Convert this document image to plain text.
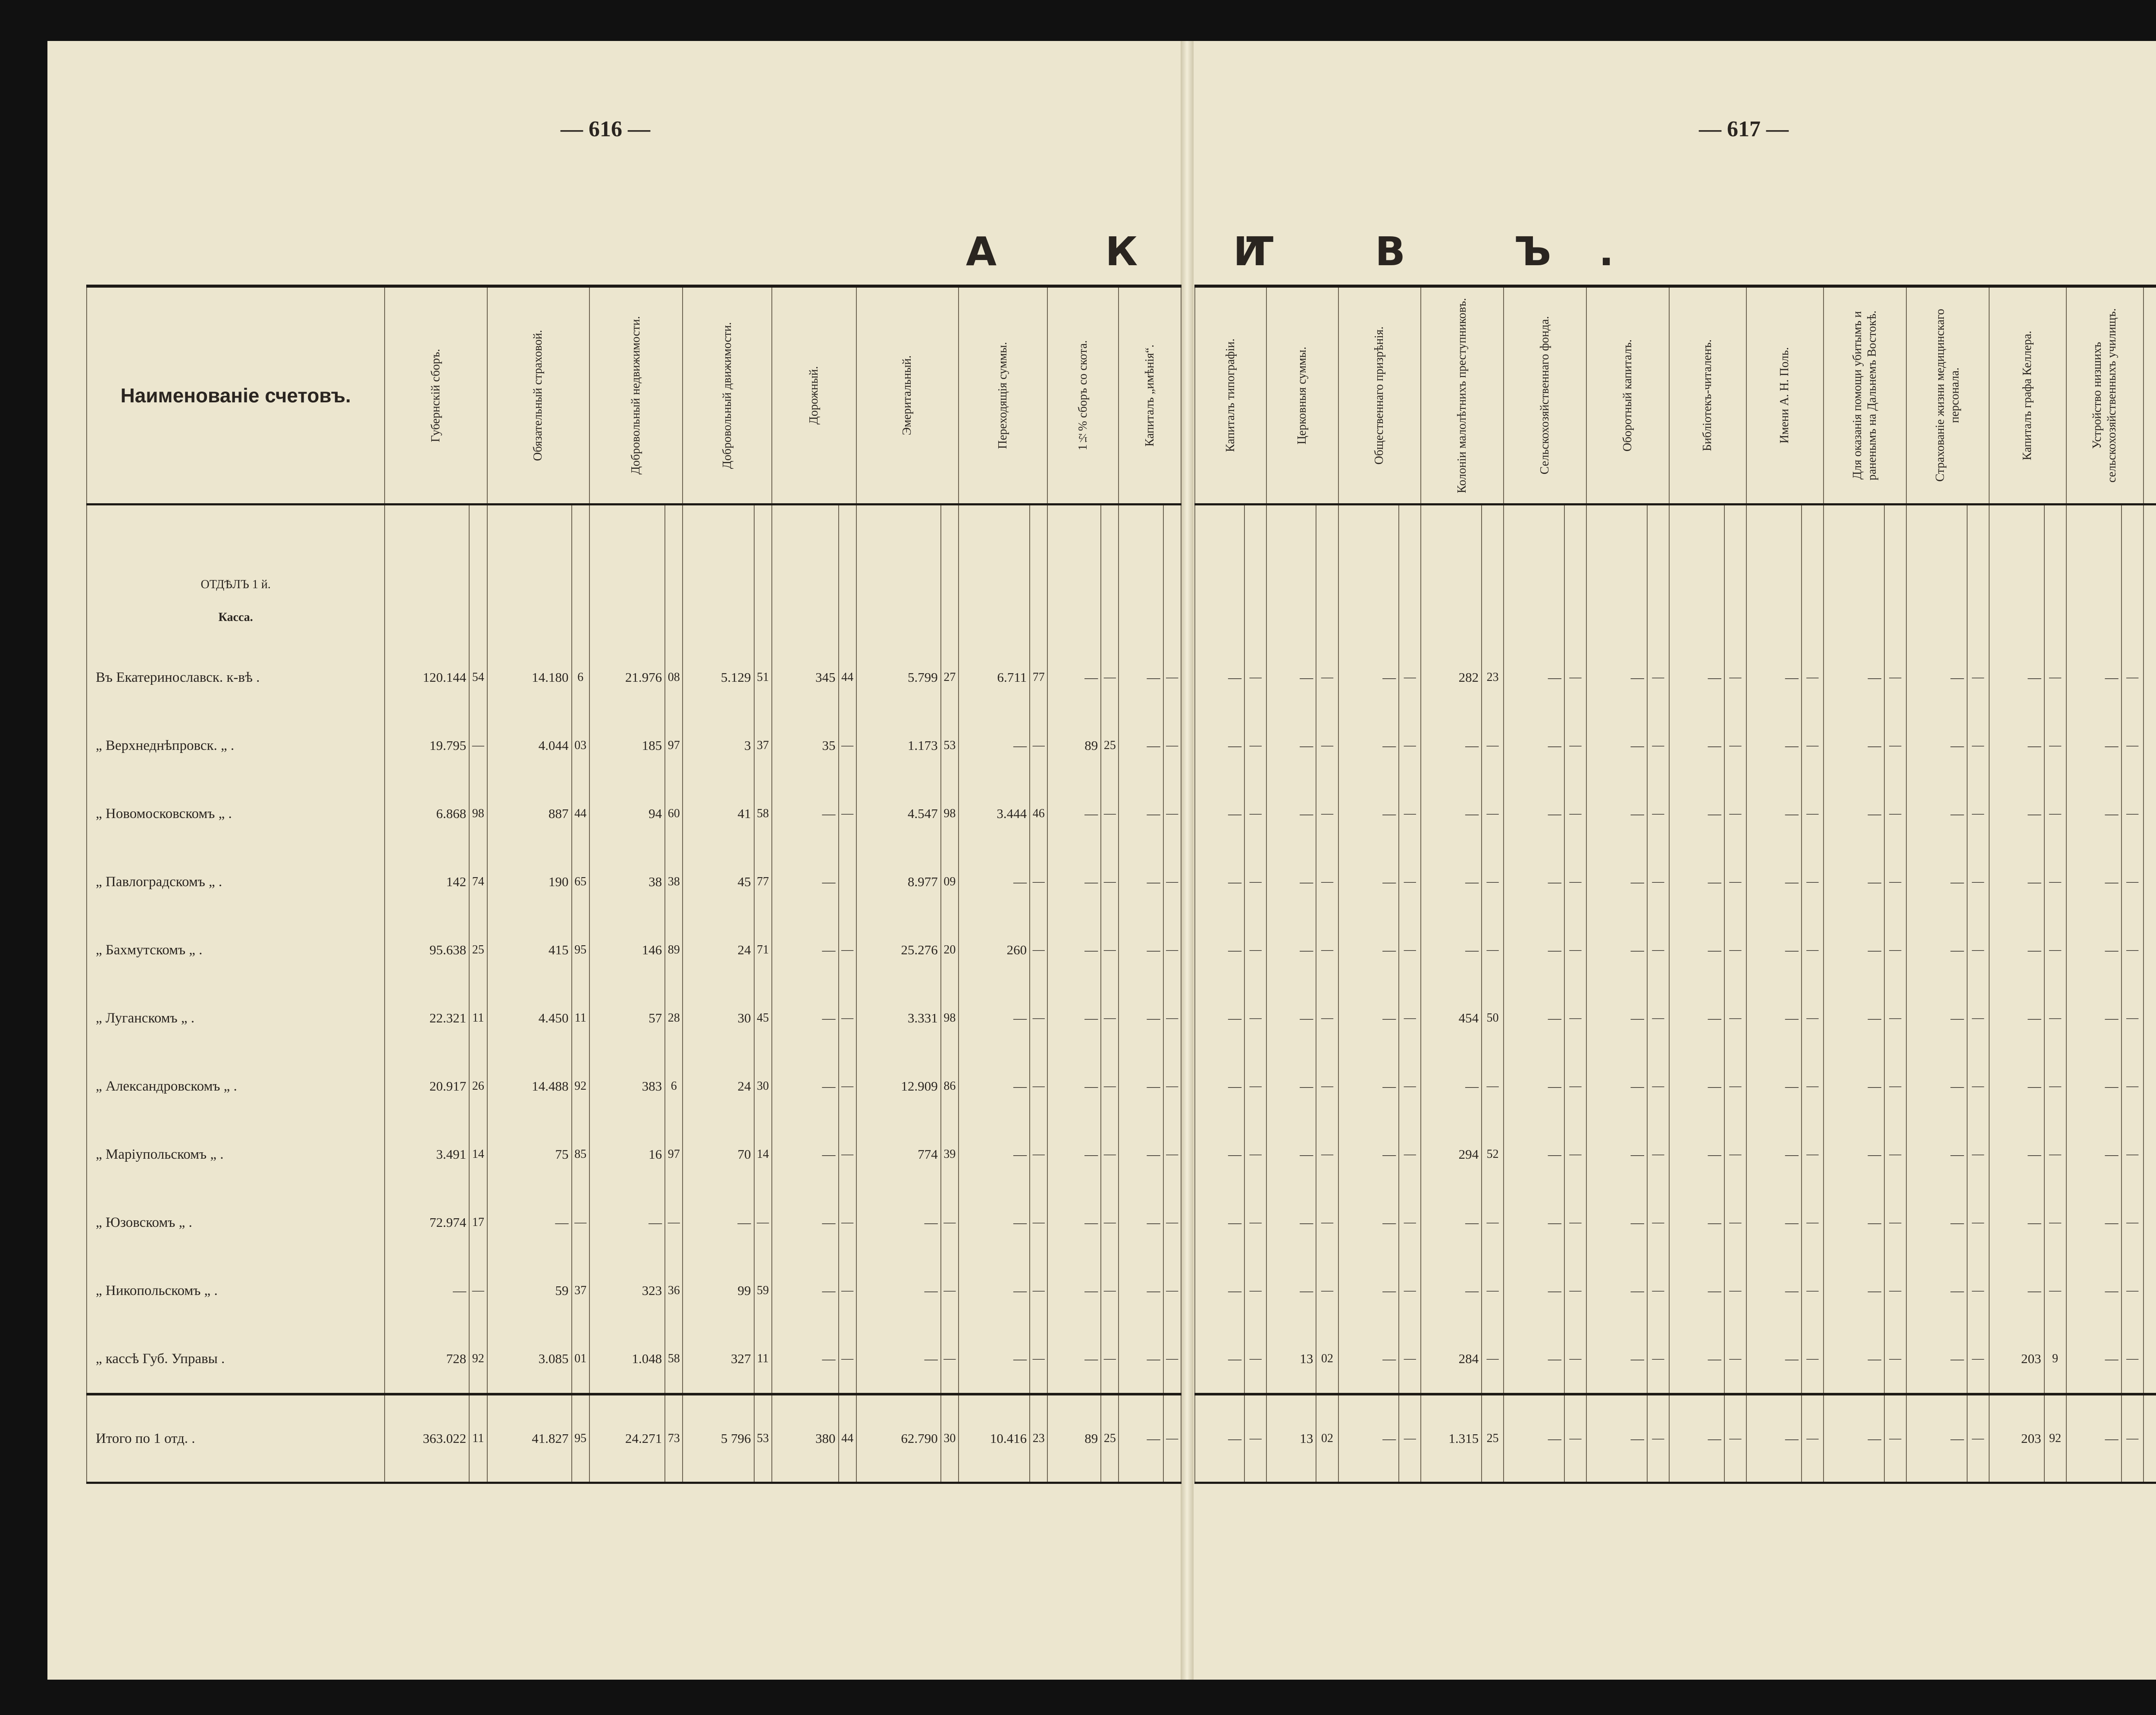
— 616 —	— 617 —
А К Т
И В Ъ.
Наименованіе счетовъ.	Губернскій сборъ.		Обязательный страховой.		Добровольный недвижимости.		Добровольный движимости.		Дорожный.		Эмеритальный.		Переходящія суммы.		1½% сборъ со скота.		Капиталъ „имѣнія“.	

ОТДѢЛЪ 1 й.																		
Касса.																		
Въ Екатеринославск. к-вѣ .	120.144	54	14.180	6	21.976	08	5.129	51	345	44	5.799	27	6.711	77	—	—	—	—
„ Верхнеднѣпровск. „ .	19.795	—	4.044	03	185	97	3	37	35	—	1.173	53	—	—	89	25	—	—
„ Новомосковскомъ „ .	6.868	98	887	44	94	60	41	58	—	—	4.547	98	3.444	46	—	—	—	—
„ Павлоградскомъ „ .	142	74	190	65	38	38	45	77	—		8.977	09	—	—	—	—	—	—
„ Бахмутскомъ „ .	95.638	25	415	95	146	89	24	71	—	—	25.276	20	260	—	—	—	—	—
„ Луганскомъ „ .	22.321	11	4.450	11	57	28	30	45	—	—	3.331	98	—	—	—	—	—	—
„ Александровскомъ „ .	20.917	26	14.488	92	383	6	24	30	—	—	12.909	86	—	—	—	—	—	—
„ Маріупольскомъ „ .	3.491	14	75	85	16	97	70	14	—	—	774	39	—	—	—	—	—	—
„ Юзовскомъ „ .	72.974	17	—	—	—	—	—	—	—	—	—	—	—	—	—	—	—	—
„ Никопольскомъ „ .	—	—	59	37	323	36	99	59	—	—	—	—	—	—	—	—	—	—
„ кассѣ Губ. Управы .	728	92	3.085	01	1.048	58	327	11	—	—	—	—	—	—	—	—	—	—
Итого по 1 отд. .	363.022	11	41.827	95	24.271	73	5 796	53	380	44	62.790	30	10.416	23	89	25	—	—
Капиталъ типографіи.		Церковныя суммы.		Общественнаго призрѣнія.		Колоніи малолѣтнихъ преступниковъ.		Сельскохозяйственнаго фонда.		Оборотный капиталъ.		Библіотекъ-читаленъ.		Имени А. Н. Поль.		Для оказанія помощи убитымъ и раненымъ на Дальнемъ Востокѣ.		Страхованіе жизни медицинскаго персонала.		Капиталъ графа Келлера.		Устройство низшихъ сельскохозяйственныхъ училищъ.

—	—	—	—	—	—	282	23	—	—	—	—	—	—	—	—	—	—	—	—	—	—	—	—		
—	—	—	—	—	—	—	—	—	—	—	—	—	—	—	—	—	—	—	—	—	—	—	—		
—	—	—	—	—	—	—	—	—	—	—	—	—	—	—	—	—	—	—	—	—	—	—	—		
—	—	—	—	—	—	—	—	—	—	—	—	—	—	—	—	—	—	—	—	—	—	—	—		
—	—	—	—	—	—	—	—	—	—	—	—	—	—	—	—	—	—	—	—	—	—	—	—		
—	—	—	—	—	—	454	50	—	—	—	—	—	—	—	—	—	—	—	—	—	—	—	—		
—	—	—	—	—	—	—	—	—	—	—	—	—	—	—	—	—	—	—	—	—	—	—	—		
—	—	—	—	—	—	294	52	—	—	—	—	—	—	—	—	—	—	—	—	—	—	—	—		
—	—	—	—	—	—	—	—	—	—	—	—	—	—	—	—	—	—	—	—	—	—	—	—		
—	—	—	—	—	—	—	—	—	—	—	—	—	—	—	—	—	—	—	—	—	—	—	—		
—	—	13	02	—	—	284	—	—	—	—	—	—	—	—	—	—	—	—	—	203	9	—	—		
—	—	13	02	—	—	1.315	25	—	—	—	—	—	—	—	—	—	—	—	—	203	92	—	—		
